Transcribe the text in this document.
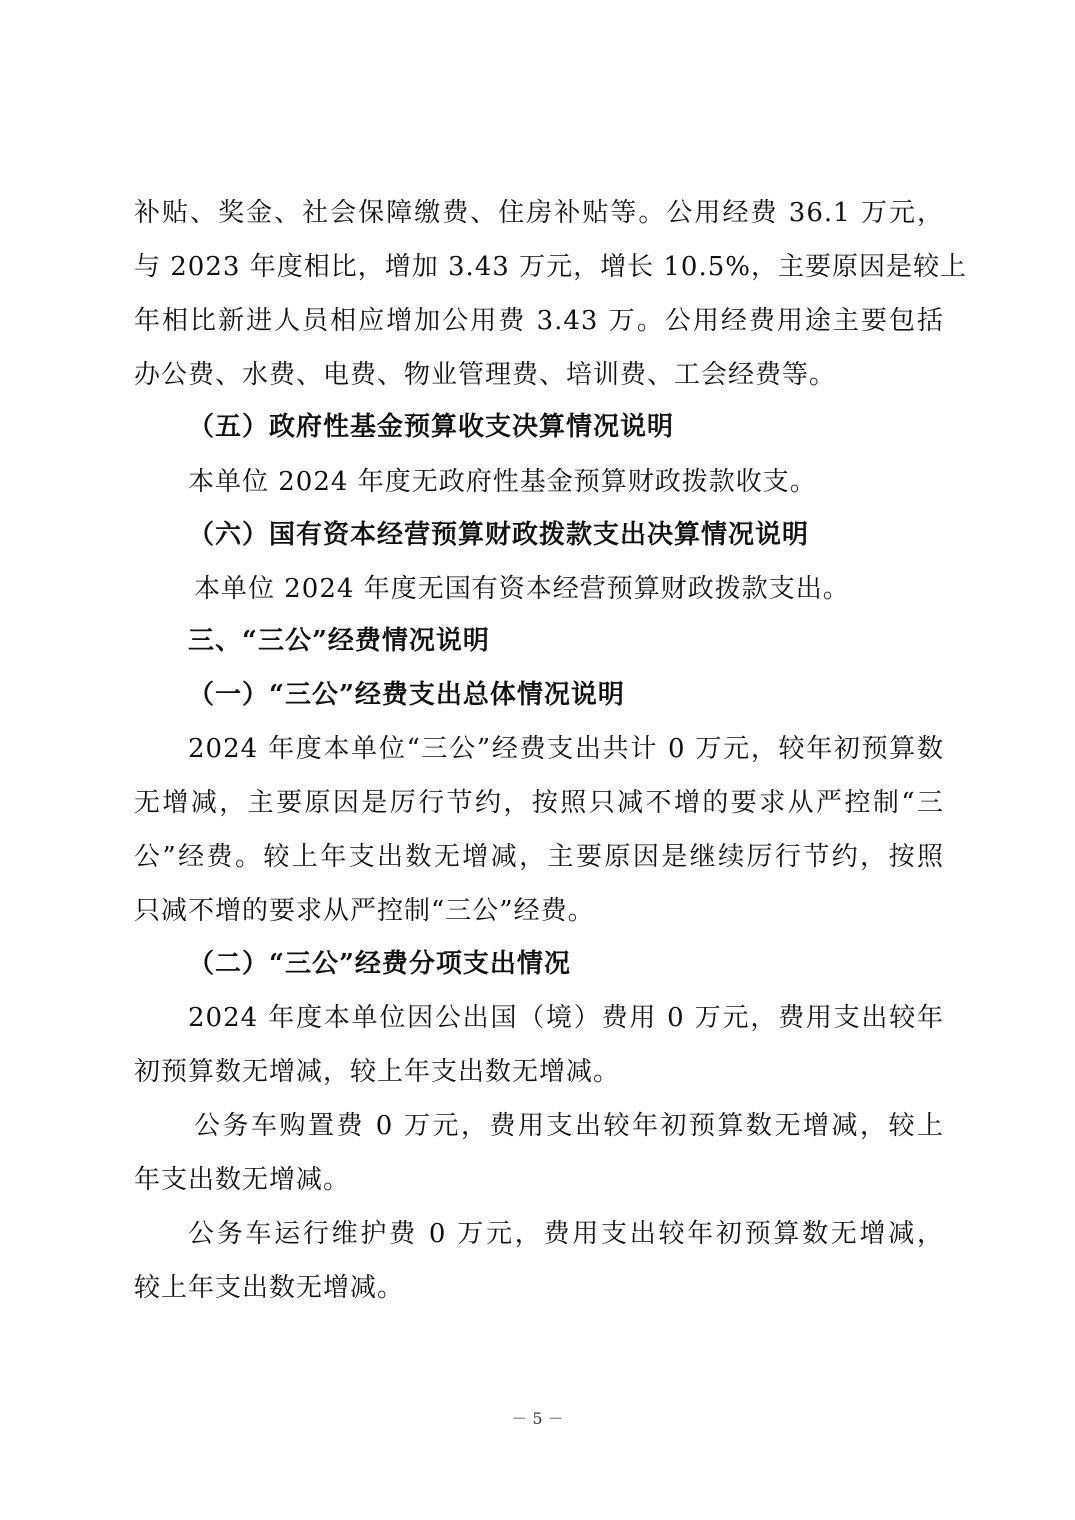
补贴、奖金、社会保障缴费、住房补贴等。公用经费 36.1 万元，
与 2023 年度相比，增加 3.43 万元，增长 10.5%，主要原因是较上
年相比新进人员相应增加公用费 3.43 万。公用经费用途主要包括
办公费、水费、电费、物业管理费、培训费、工会经费等。
（五）政府性基金预算收支决算情况说明
本单位 2024 年度无政府性基金预算财政拨款收支。
（六）国有资本经营预算财政拨款支出决算情况说明
本单位 2024 年度无国有资本经营预算财政拨款支出。
三、“三公”经费情况说明
（一）“三公”经费支出总体情况说明
2024 年度本单位“三公”经费支出共计 0 万元，较年初预算数
无增减，主要原因是厉行节约，按照只减不增的要求从严控制“三
公”经费。较上年支出数无增减，主要原因是继续厉行节约，按照
只减不增的要求从严控制“三公”经费。
（二）“三公”经费分项支出情况
2024 年度本单位因公出国（境）费用 0 万元，费用支出较年
初预算数无增减，较上年支出数无增减。
公务车购置费 0 万元，费用支出较年初预算数无增减，较上
年支出数无增减。
公务车运行维护费 0 万元，费用支出较年初预算数无增减，
较上年支出数无增减。
－ 5 －
